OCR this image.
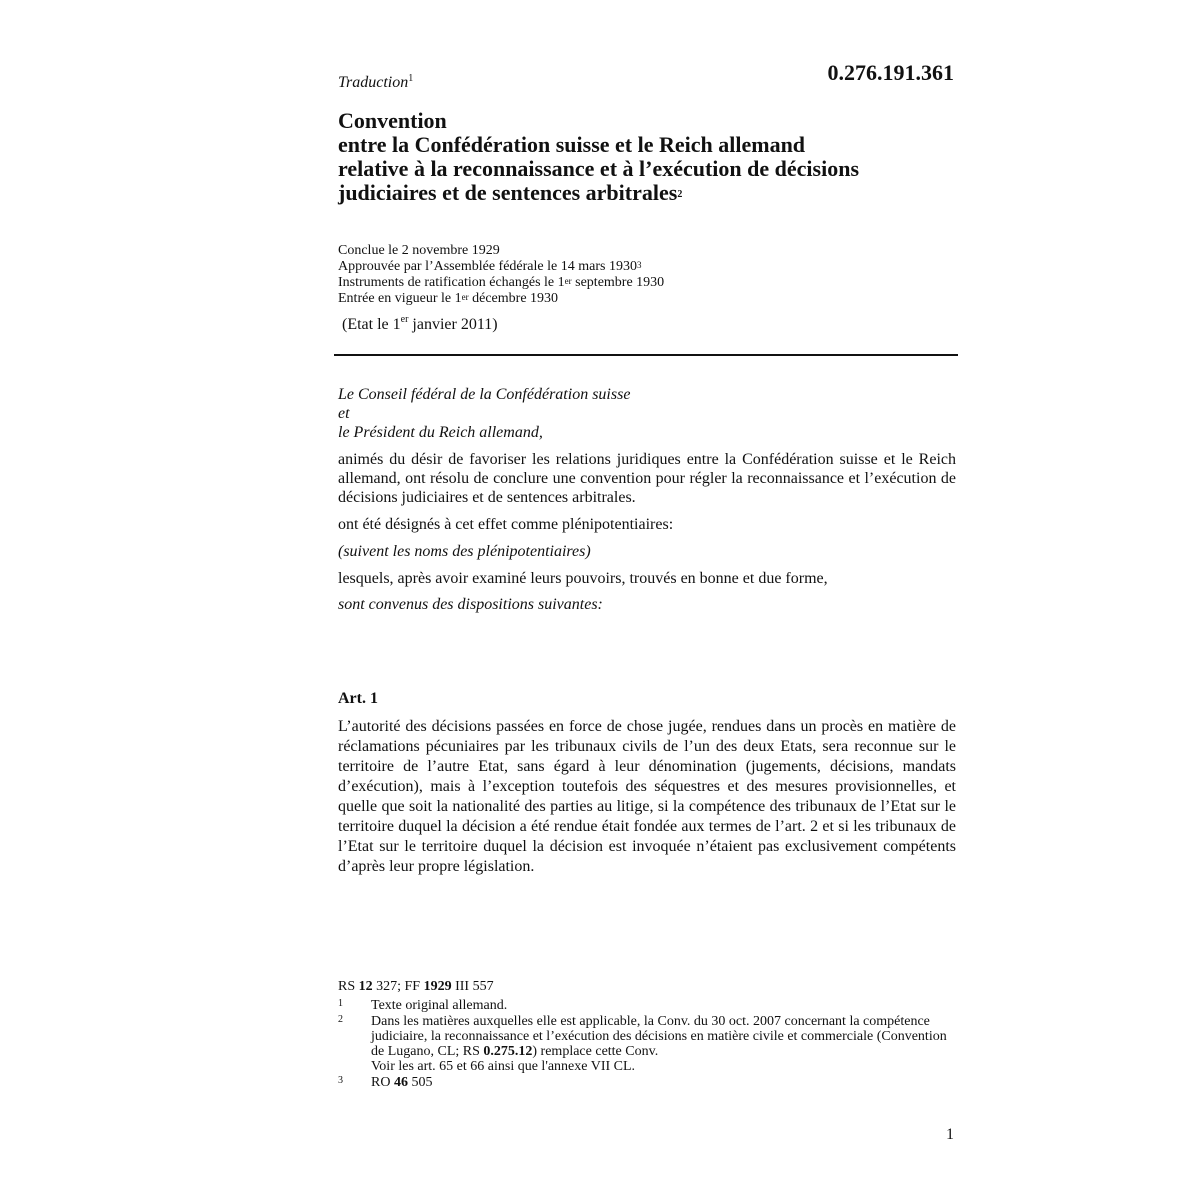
Traduction$^1$	0.276.191.361
Convention
entre la Confédération suisse et le Reich allemand
relative à la reconnaissance et à l’exécution de décisions
judiciaires et de sentences arbitrales$^2$
Conclue le 2 novembre 1929
Approuvée par l’Assemblée fédérale le 14 mars 1930$^3$
Instruments de ratification échangés le 1er septembre 1930
Entrée en vigueur le 1er décembre 1930
(Etat le 1er janvier 2011)

Le Conseil fédéral de la Confédération suisse

et

le Président du Reich allemand,

animés du désir de favoriser les relations juridiques entre la Confédération suisse et le Reich allemand, ont résolu de conclure une convention pour régler la reconnaissance et l’exécution de décisions judiciaires et de sentences arbitrales.

ont été désignés à cet effet comme plénipotentiaires:

(suivent les noms des plénipotentiaires)

lesquels, après avoir examiné leurs pouvoirs, trouvés en bonne et due forme,

sont convenus des dispositions suivantes:

Art. 1
L’autorité des décisions passées en force de chose jugée, rendues dans un procès en matière de réclamations pécuniaires par les tribunaux civils de l’un des deux Etats, sera reconnue sur le territoire de l’autre Etat, sans égard à leur dénomination (jugements, décisions, mandats d’exécution), mais à l’exception toutefois des séquestres et des mesures provisionnelles, et quelle que soit la nationalité des parties au litige, si la compétence des tribunaux de l’Etat sur le territoire duquel la décision a été rendue était fondée aux termes de l’art. 2 et si les tribunaux de l’Etat sur le territoire duquel la décision est invoquée n’étaient pas exclusivement compétents d’après leur propre législation.
RS 12 327; FF 1929 III 557
1	Texte original allemand.
2	Dans les matières auxquelles elle est applicable, la Conv. du 30 oct. 2007 concernant la compétence judiciaire, la reconnaissance et l’exécution des décisions en matière civile et commerciale (Convention de Lugano, CL; RS 0.275.12) remplace cette Conv.
Voir les art. 65 et 66 ainsi que l'annexe VII CL.
3	RO 46 505
1
